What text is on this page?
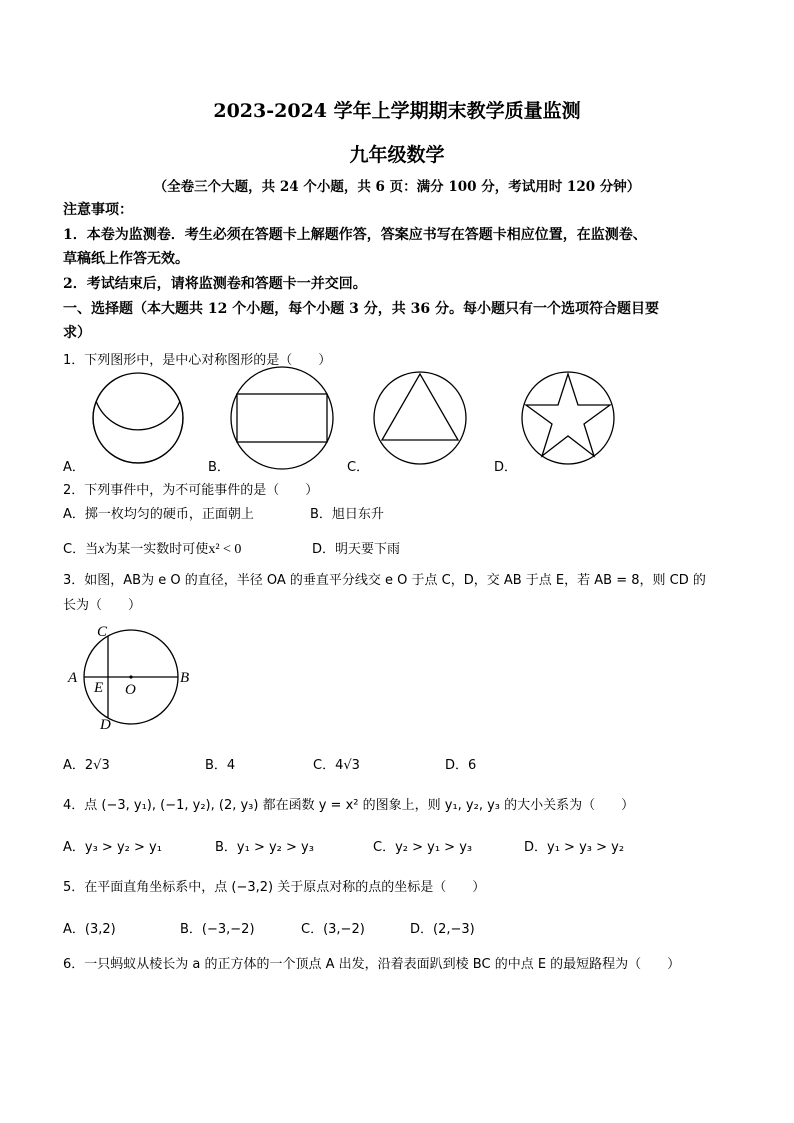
2023-2024 学年上学期期末教学质量监测
九年级数学
（全卷三个大题，共 24 个小题，共 6 页：满分 100 分，考试用时 120 分钟）
注意事项：
1．本卷为监测卷．考生必须在答题卡上解题作答，答案应书写在答题卡相应位置，在监测卷、
草稿纸上作答无效。
2．考试结束后，请将监测卷和答题卡一并交回。
一、选择题（本大题共 12 个小题，每个小题 3 分，共 36 分。每小题只有一个选项符合题目要
求）
1．下列图形中，是中心对称图形的是（　　）
A．	B．	C．	D．
2．下列事件中，为不可能事件的是（　　）
A．掷一枚均匀的硬币，正面朝上	B．旭日东升
C．当x为某一实数时可使x² < 0	D．明天要下雨
3．如图，AB为 e O 的直径，半径 OA 的垂直平分线交 e O 于点 C，D，交 AB 于点 E，若 AB = 8，则 CD 的
长为（　　）
C
A
E O
B
D
A．2√3	B．4	C．4√3	D．6
4．点 (−3, y₁), (−1, y₂), (2, y₃) 都在函数 y = x² 的图象上，则 y₁, y₂, y₃ 的大小关系为（　　）
A．y₃ > y₂ > y₁	B．y₁ > y₂ > y₃	C．y₂ > y₁ > y₃	D．y₁ > y₃ > y₂
5．在平面直角坐标系中，点 (−3,2) 关于原点对称的点的坐标是（　　）
A．(3,2)	B．(−3,−2)	C．(3,−2)	D．(2,−3)
6．一只蚂蚁从棱长为 a 的正方体的一个顶点 A 出发，沿着表面趴到棱 BC 的中点 E 的最短路程为（　　）
